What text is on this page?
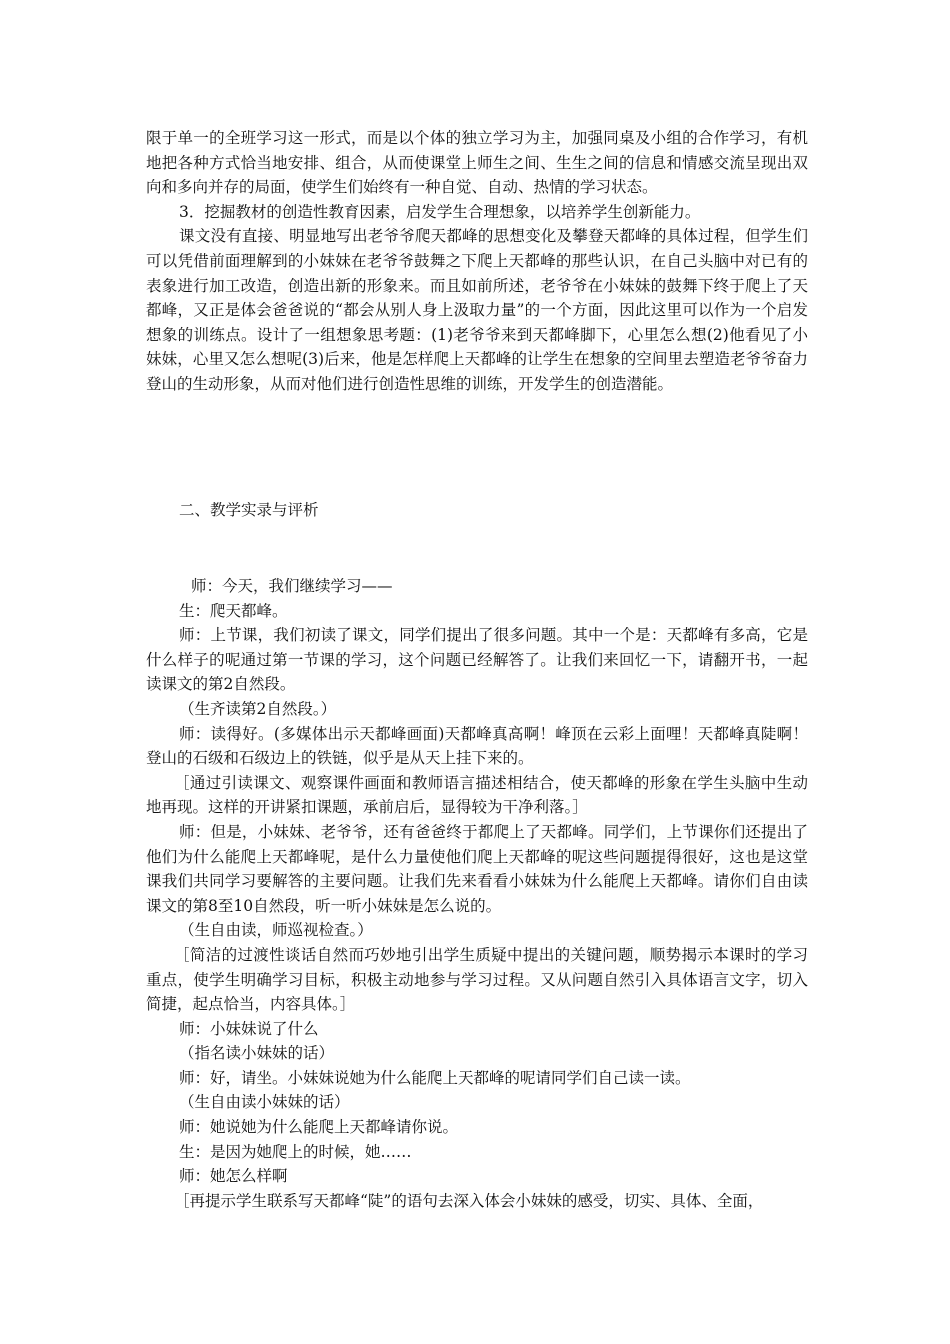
限于单一的全班学习这一形式，而是以个体的独立学习为主，加强同桌及小组的合作学习，有机地把各种方式恰当地安排、组合，从而使课堂上师生之间、生生之间的信息和情感交流呈现出双向和多向并存的局面，使学生们始终有一种自觉、自动、热情的学习状态。

3．挖掘教材的创造性教育因素，启发学生合理想象，以培养学生创新能力。

课文没有直接、明显地写出老爷爷爬天都峰的思想变化及攀登天都峰的具体过程，但学生们可以凭借前面理解到的小妹妹在老爷爷鼓舞之下爬上天都峰的那些认识，在自己头脑中对已有的表象进行加工改造，创造出新的形象来。而且如前所述，老爷爷在小妹妹的鼓舞下终于爬上了天都峰，又正是体会爸爸说的“都会从别人身上汲取力量”的一个方面，因此这里可以作为一个启发想象的训练点。设计了一组想象思考题：(1)老爷爷来到天都峰脚下，心里怎么想(2)他看见了小妹妹，心里又怎么想呢(3)后来，他是怎样爬上天都峰的让学生在想象的空间里去塑造老爷爷奋力登山的生动形象，从而对他们进行创造性思维的训练，开发学生的创造潜能。

二、教学实录与评析

师：今天，我们继续学习——

生：爬天都峰。

师：上节课，我们初读了课文，同学们提出了很多问题。其中一个是：天都峰有多高，它是什么样子的呢通过第一节课的学习，这个问题已经解答了。让我们来回忆一下，请翻开书，一起读课文的第2自然段。

（生齐读第2自然段。）

师：读得好。(多媒体出示天都峰画面)天都峰真高啊！峰顶在云彩上面哩！天都峰真陡啊！登山的石级和石级边上的铁链，似乎是从天上挂下来的。

［通过引读课文、观察课件画面和教师语言描述相结合，使天都峰的形象在学生头脑中生动地再现。这样的开讲紧扣课题，承前启后，显得较为干净利落。］

师：但是，小妹妹、老爷爷，还有爸爸终于都爬上了天都峰。同学们，上节课你们还提出了他们为什么能爬上天都峰呢，是什么力量使他们爬上天都峰的呢这些问题提得很好，这也是这堂课我们共同学习要解答的主要问题。让我们先来看看小妹妹为什么能爬上天都峰。请你们自由读课文的第8至10自然段，听一听小妹妹是怎么说的。

（生自由读，师巡视检查。）

［简洁的过渡性谈话自然而巧妙地引出学生质疑中提出的关键问题，顺势揭示本课时的学习重点，使学生明确学习目标，积极主动地参与学习过程。又从问题自然引入具体语言文字，切入简捷，起点恰当，内容具体。］

师：小妹妹说了什么

（指名读小妹妹的话）

师：好，请坐。小妹妹说她为什么能爬上天都峰的呢请同学们自己读一读。

（生自由读小妹妹的话）

师：她说她为什么能爬上天都峰请你说。

生：是因为她爬上的时候，她……

师：她怎么样啊

［再提示学生联系写天都峰“陡”的语句去深入体会小妹妹的感受，切实、具体、全面，
